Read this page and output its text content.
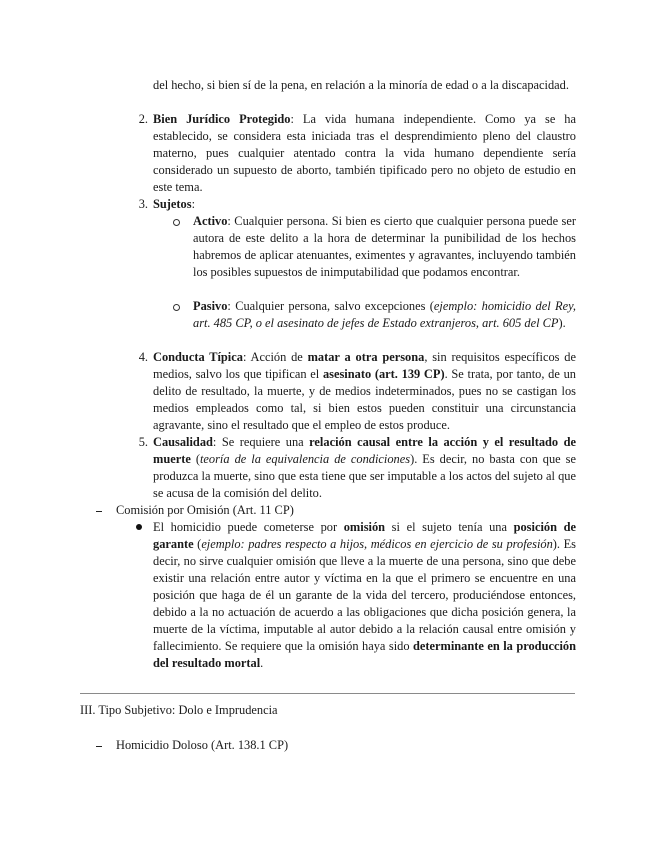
del hecho, si bien sí de la pena, en relación a la minoría de edad o a la discapacidad.
2. Bien Jurídico Protegido: La vida humana independiente. Como ya se ha establecido, se considera esta iniciada tras el desprendimiento pleno del claustro materno, pues cualquier atentado contra la vida humano dependiente sería considerado un supuesto de aborto, también tipificado pero no objeto de estudio en este tema.
3. Sujetos:
Activo: Cualquier persona. Si bien es cierto que cualquier persona puede ser autora de este delito a la hora de determinar la punibilidad de los hechos habremos de aplicar atenuantes, eximentes y agravantes, incluyendo también los posibles supuestos de inimputabilidad que podamos encontrar.
Pasivo: Cualquier persona, salvo excepciones (ejemplo: homicidio del Rey, art. 485 CP, o el asesinato de jefes de Estado extranjeros, art. 605 del CP).
4. Conducta Típica: Acción de matar a otra persona, sin requisitos específicos de medios, salvo los que tipifican el asesinato (art. 139 CP). Se trata, por tanto, de un delito de resultado, la muerte, y de medios indeterminados, pues no se castigan los medios empleados como tal, si bien estos pueden constituir una circunstancia agravante, sino el resultado que el empleo de estos produce.
5. Causalidad: Se requiere una relación causal entre la acción y el resultado de muerte (teoría de la equivalencia de condiciones). Es decir, no basta con que se produzca la muerte, sino que esta tiene que ser imputable a los actos del sujeto al que se acusa de la comisión del delito.
Comisión por Omisión (Art. 11 CP)
El homicidio puede cometerse por omisión si el sujeto tenía una posición de garante (ejemplo: padres respecto a hijos, médicos en ejercicio de su profesión). Es decir, no sirve cualquier omisión que lleve a la muerte de una persona, sino que debe existir una relación entre autor y víctima en la que el primero se encuentre en una posición que haga de él un garante de la vida del tercero, produciéndose entonces, debido a la no actuación de acuerdo a las obligaciones que dicha posición genera, la muerte de la víctima, imputable al autor debido a la relación causal entre omisión y fallecimiento. Se requiere que la omisión haya sido determinante en la producción del resultado mortal.
III. Tipo Subjetivo: Dolo e Imprudencia
Homicidio Doloso (Art. 138.1 CP)
